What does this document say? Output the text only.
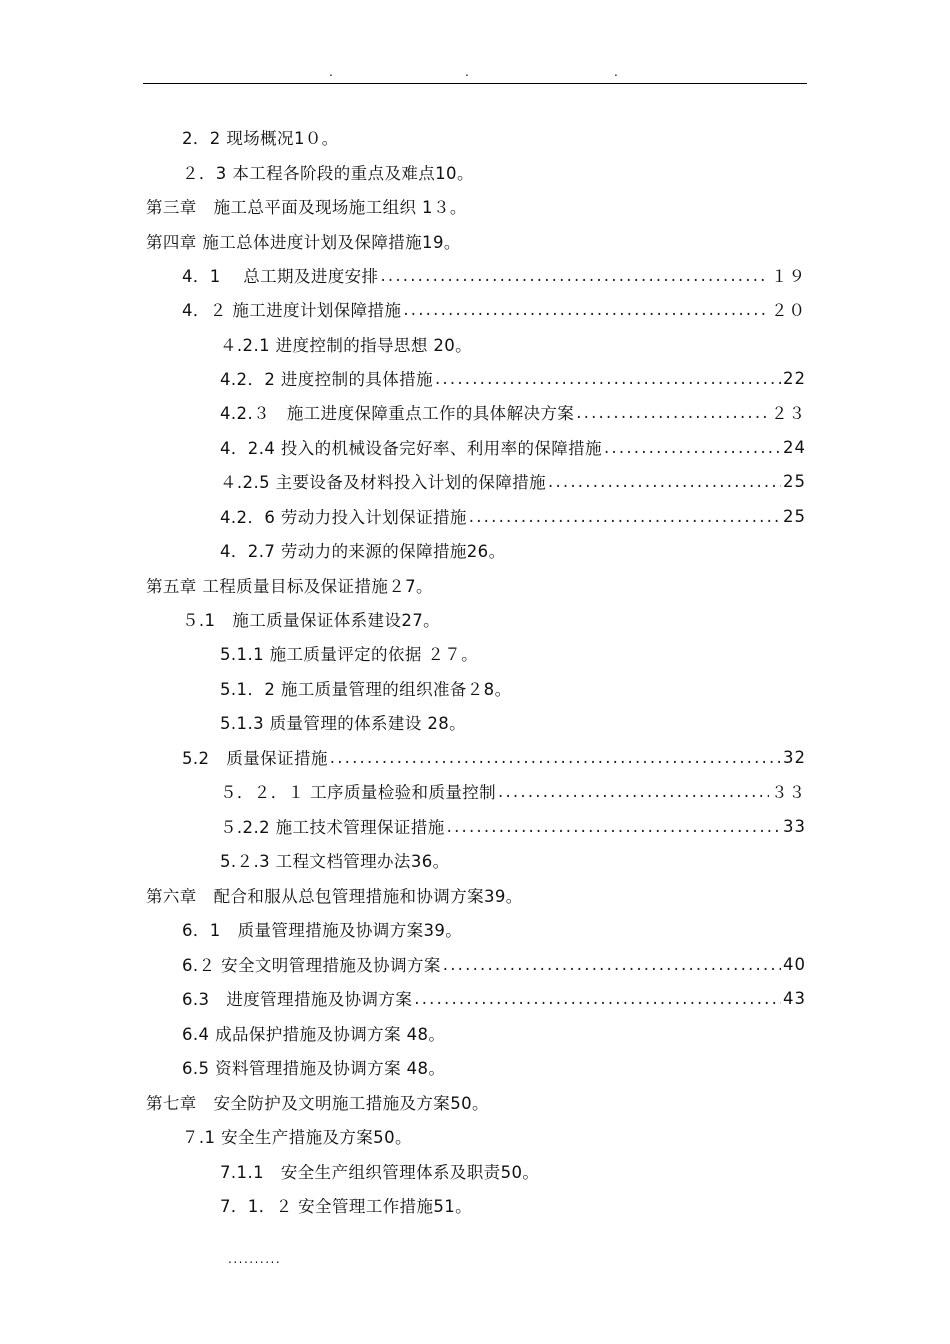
.	.	.
2．2 现场概况1０。
２．3 本工程各阶段的重点及难点10。
第三章　施工总平面及现场施工组织 1３。
第四章 施工总体进度计划及保障措施19。
4．1　 总工期及进度安排 .....	１９
4．２ 施工进度计划保障措施 .....	２０
４.2.1 进度控制的指导思想 20。
4.2．2 进度控制的具体措施 .....	22
4.2.３　施工进度保障重点工作的具体解决方案 .....	２３
4．2.4 投入的机械设备完好率、利用率的保障措施 .....	24
４.2.5 主要设备及材料投入计划的保障措施 .....	25
4.2．6 劳动力投入计划保证措施 .....	25
4．2.7 劳动力的来源的保障措施26。
第五章 工程质量目标及保证措施２7。
５.1　施工质量保证体系建设27。
5.1.1 施工质量评定的依据 ２７。
5.1．2 施工质量管理的组织准备２8。
5.1.3 质量管理的体系建设 28。
5.2　质量保证措施 .....	32
５．２．１ 工序质量检验和质量控制 .....	３３
５.2.2 施工技术管理保证措施 .....	33
5.２.3 工程文档管理办法36。
第六章　配合和服从总包管理措施和协调方案39。
6．1　质量管理措施及协调方案39。
6.２ 安全文明管理措施及协调方案 .....	40
6.3　进度管理措施及协调方案 .....	43
6.4 成品保护措施及协调方案 48。
6.5 资料管理措施及协调方案 48。
第七章　安全防护及文明施工措施及方案50。
７.1 安全生产措施及方案50。
7.1.1　安全生产组织管理体系及职责50。
7．1．２ 安全管理工作措施51。
..........
